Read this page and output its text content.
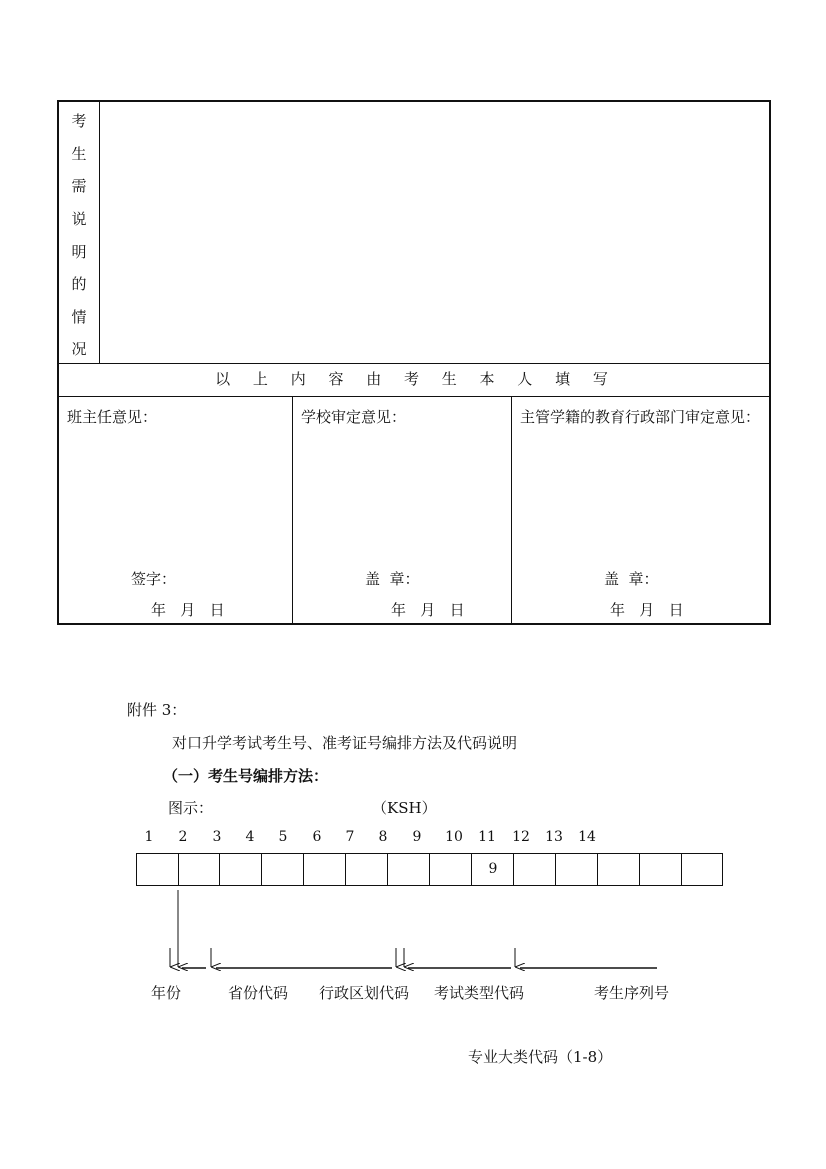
考
生
需
说
明
的
情
况
以 上 内 容 由 考 生 本 人 填 写
班主任意见：
签字：
年   月   日
学校审定意见：
盖  章：
年   月   日
主管学籍的教育行政部门审定意见：
盖  章：
年   月   日
附件 3：
对口升学考试考生号、准考证号编排方法及代码说明
（一）考生号编排方法：
图示：	（KSH）
1	2	3	4	5	6	7	8	9	10 11 12 13 14
9
年份	省份代码 行政区划代码 考试类型代码	考生序列号
专业大类代码（1-8）
